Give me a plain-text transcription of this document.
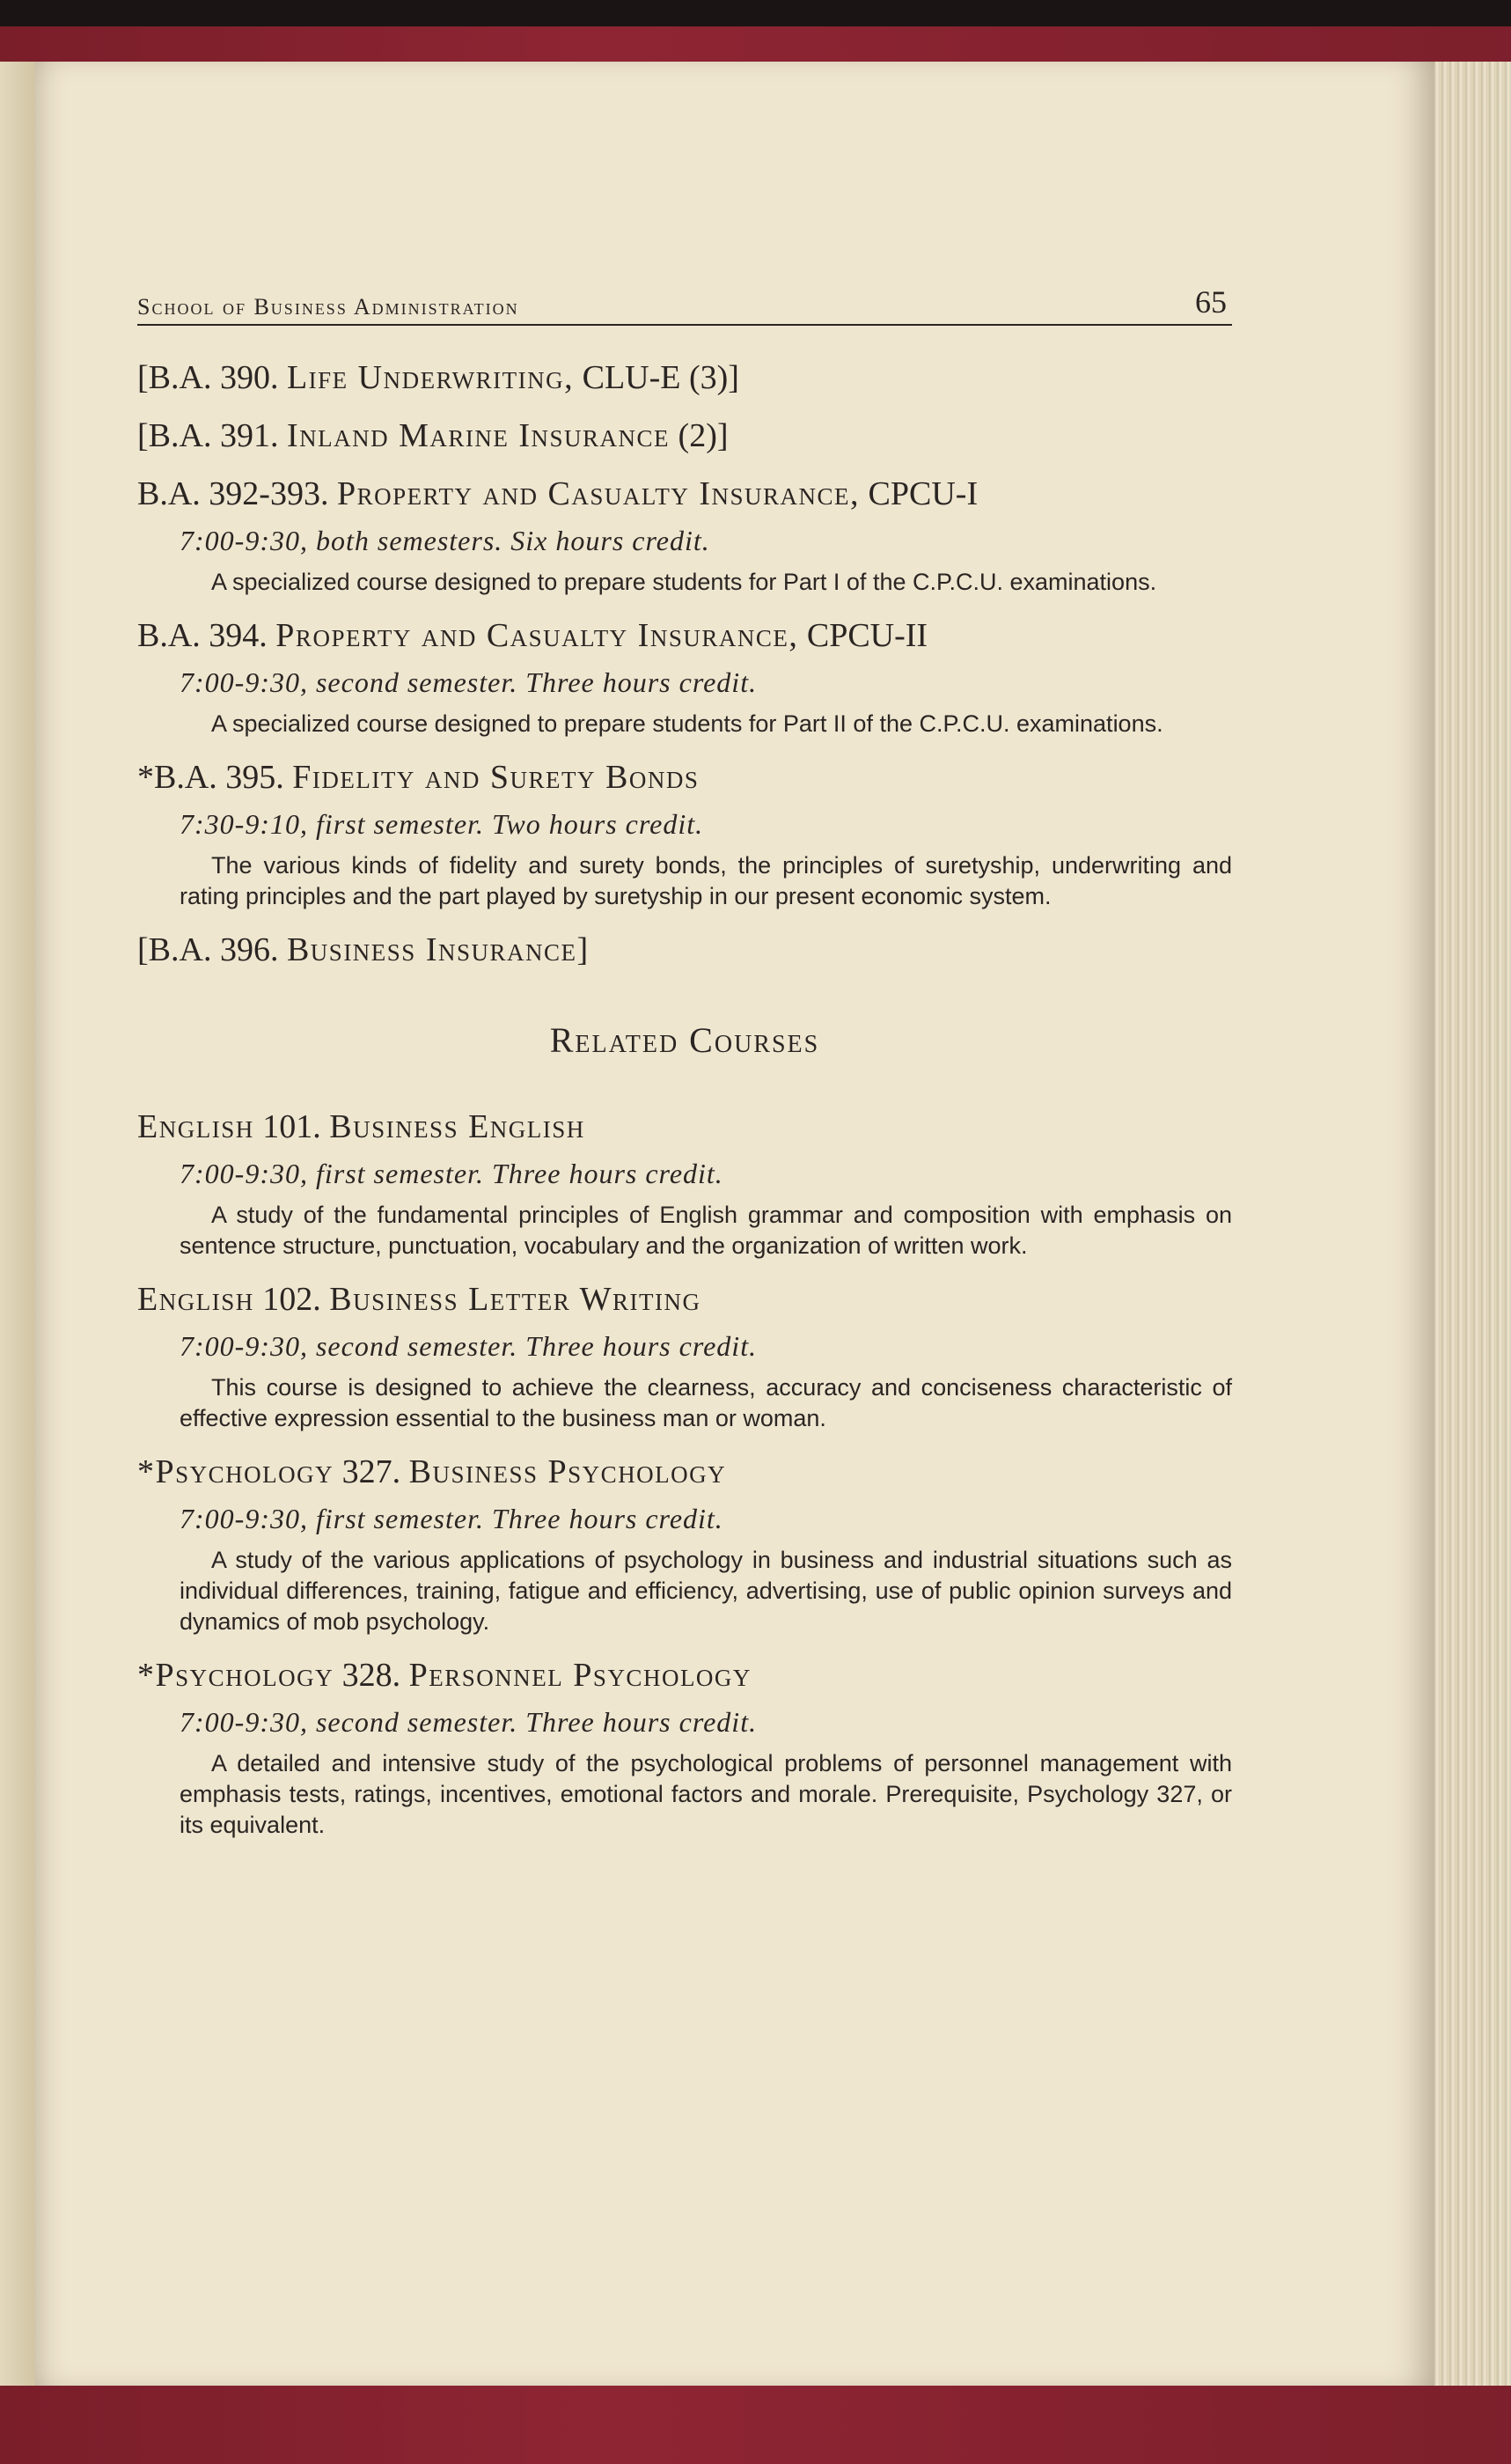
School of Business Administration	65
[B.A. 390. Life Underwriting, CLU-E (3)]
[B.A. 391. Inland Marine Insurance (2)]
B.A. 392-393. Property and Casualty Insurance, CPCU-I
7:00-9:30, both semesters. Six hours credit.
A specialized course designed to prepare students for Part I of the C.P.C.U. examinations.
B.A. 394. Property and Casualty Insurance, CPCU-II
7:00-9:30, second semester. Three hours credit.
A specialized course designed to prepare students for Part II of the C.P.C.U. examinations.
*B.A. 395. Fidelity and Surety Bonds
7:30-9:10, first semester. Two hours credit.
The various kinds of fidelity and surety bonds, the principles of suretyship, underwriting and rating principles and the part played by suretyship in our present economic system.
[B.A. 396. Business Insurance]
Related Courses
English 101. Business English
7:00-9:30, first semester. Three hours credit.
A study of the fundamental principles of English grammar and composition with emphasis on sentence structure, punctuation, vocabulary and the organization of written work.
English 102. Business Letter Writing
7:00-9:30, second semester. Three hours credit.
This course is designed to achieve the clearness, accuracy and conciseness characteristic of effective expression essential to the business man or woman.
*Psychology 327. Business Psychology
7:00-9:30, first semester. Three hours credit.
A study of the various applications of psychology in business and industrial situations such as individual differences, training, fatigue and efficiency, advertising, use of public opinion surveys and dynamics of mob psychology.
*Psychology 328. Personnel Psychology
7:00-9:30, second semester. Three hours credit.
A detailed and intensive study of the psychological problems of personnel management with emphasis tests, ratings, incentives, emotional factors and morale. Prerequisite, Psychology 327, or its equivalent.
